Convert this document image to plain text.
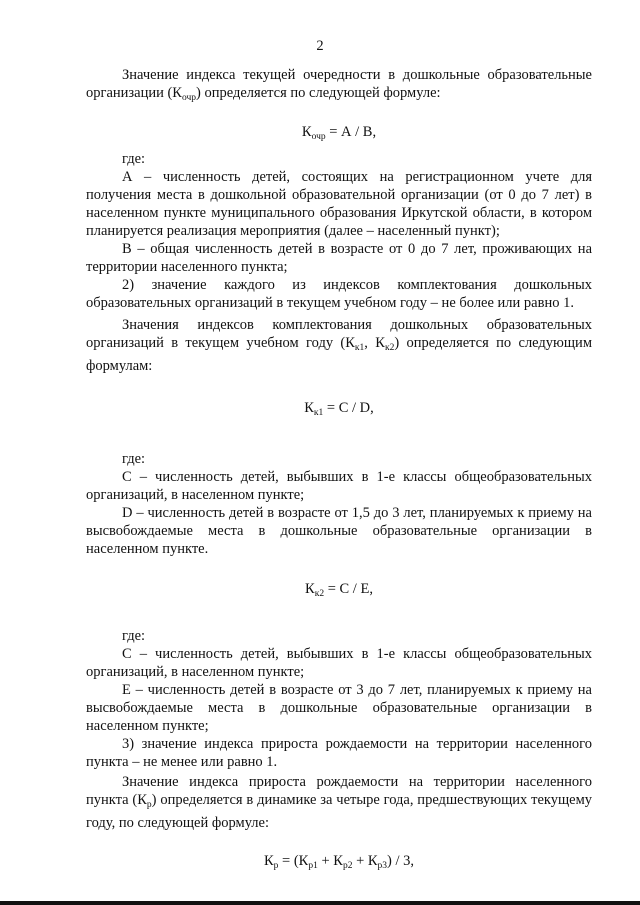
2

Значение индекса текущей очередности в дошкольные образовательные организации $(К_{очр})$ определяется по следующей формуле:

$К_{очр} = А / В$,

где:

А – численность детей, состоящих на регистрационном учете для получения места в дошкольной образовательной организации (от 0 до 7 лет) в населенном пункте муниципального образования Иркутской области, в котором планируется реализация мероприятия (далее – населенный пункт);

В – общая численность детей в возрасте от 0 до 7 лет, проживающих на территории населенного пункта;

2) значение каждого из индексов комплектования дошкольных образовательных организаций в текущем учебном году – не более или равно 1.

Значения индексов комплектования дошкольных образовательных организаций в текущем учебном году ($К_{к1}$, $К_{к2}$) определяется по следующим формулам:

$К_{к1} = С / D$,

где:

С – численность детей, выбывших в 1-е классы общеобразовательных организаций, в населенном пункте;

D – численность детей в возрасте от 1,5 до 3 лет, планируемых к приему на высвобождаемые места в дошкольные образовательные организации в населенном пункте.

$К_{к2} = С / Е$,

где:

С – численность детей, выбывших в 1-е классы общеобразовательных организаций, в населенном пункте;

Е – численность детей в возрасте от 3 до 7 лет, планируемых к приему на высвобождаемые места в дошкольные образовательные организации в населенном пункте;

3) значение индекса прироста рождаемости на территории населенного пункта – не менее или равно 1.

Значение индекса прироста рождаемости на территории населенного пункта $(К_р)$ определяется в динамике за четыре года, предшествующих текущему году, по следующей формуле:

$К_р = (К_{р1} + К_{р2} + К_{р3}) / 3$,
